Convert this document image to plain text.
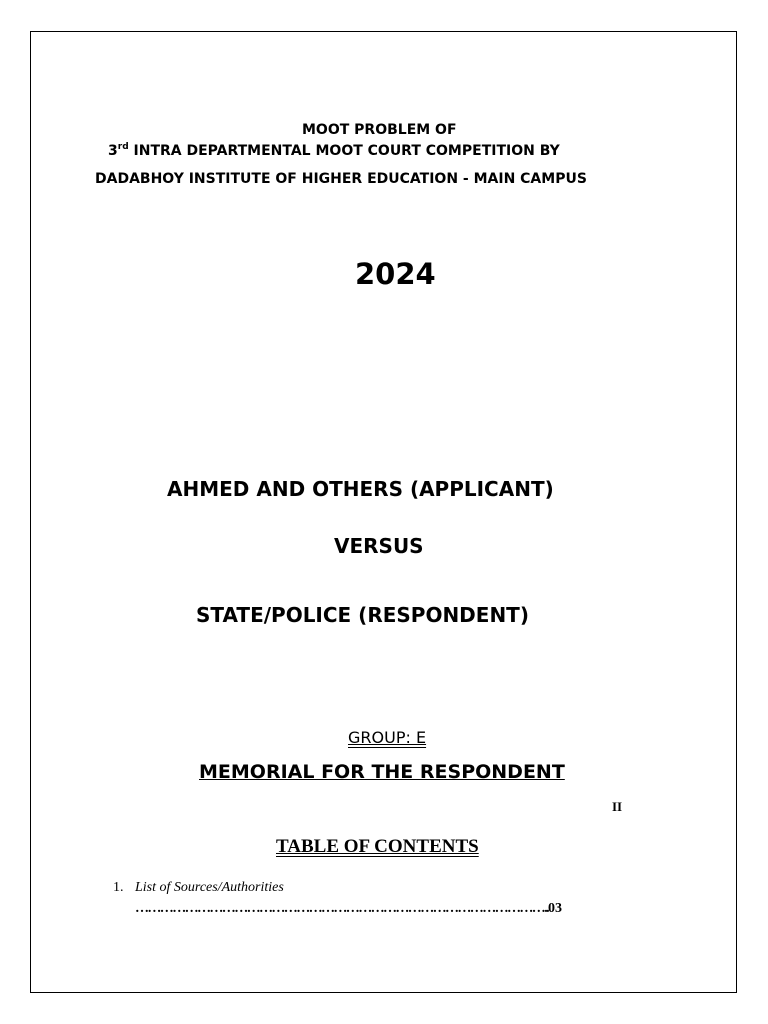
MOOT PROBLEM OF
3rd INTRA DEPARTMENTAL MOOT COURT COMPETITION BY
DADABHOY INSTITUTE OF HIGHER EDUCATION - MAIN CAMPUS
2024
AHMED AND OTHERS (APPLICANT)
VERSUS
STATE/POLICE (RESPONDENT)
GROUP: E
MEMORIAL FOR THE RESPONDENT
II
TABLE OF CONTENTS
1. List of Sources/Authorities
………………………………………………………………………………………..03
